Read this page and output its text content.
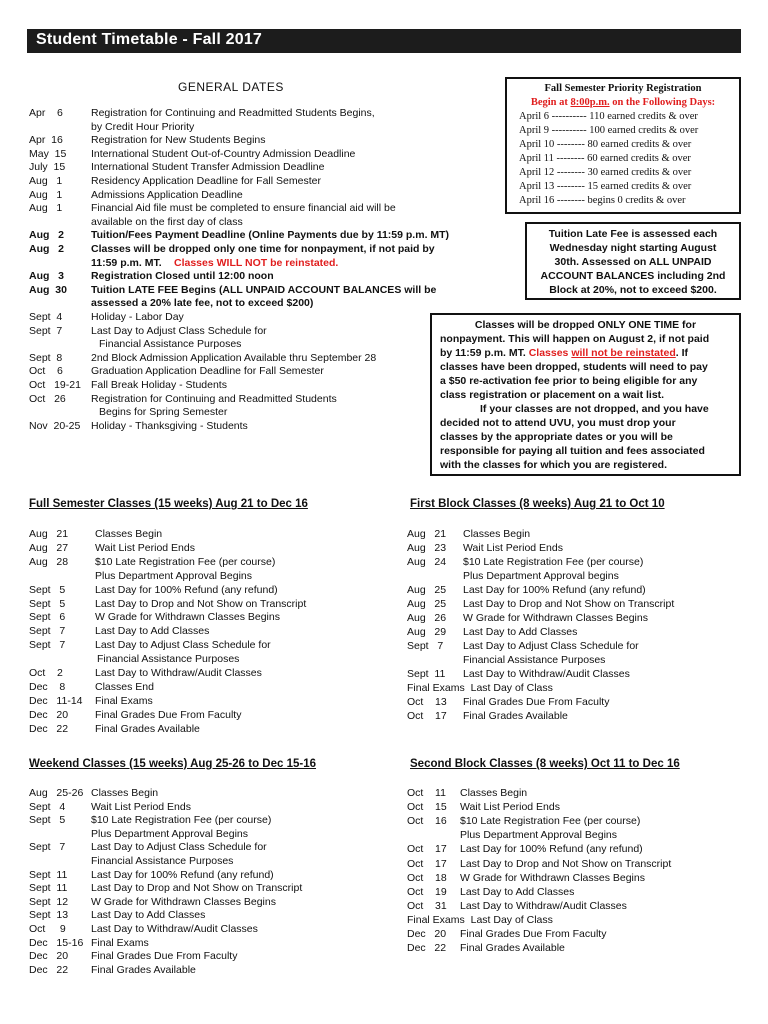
Student Timetable - Fall 2017
GENERAL DATES
Apr    6	Registration for Continuing and Readmitted Students Begins,
by Credit Hour Priority
Apr  16	Registration for New Students Begins
May  15 International Student Out-of-Country Admission Deadline
July  15 International Student Transfer Admission Deadline
Aug   1	Residency Application Deadline for Fall Semester
Aug   1	Admissions Application Deadline
Aug   1	Financial Aid file must be completed to ensure financial aid will be
available on the first day of class
Aug   2	Tuition/Fees Payment Deadline (Online Payments due by 11:59 p.m. MT)
Aug   2	Classes will be dropped only one time for nonpayment, if not paid by
11:59 p.m. MT. Classes WILL NOT be reinstated.
Aug   3	Registration Closed until 12:00 noon
Aug  30 Tuition LATE FEE Begins (ALL UNPAID ACCOUNT BALANCES will be
assessed a 20% late fee, not to exceed $200)
Sept  4	Holiday - Labor Day
Sept  7	Last Day to Adjust Class Schedule for
Financial Assistance Purposes
Sept  8	2nd Block Admission Application Available thru September 28
Oct    6	Graduation Application Deadline for Fall Semester
Oct   19-21 Fall Break Holiday - Students
Oct   26 Registration for Continuing and Readmitted Students
Begins for Spring Semester
Nov  20-25 Holiday - Thanksgiving - Students
Fall Semester Priority Registration
Begin at 8:00p.m. on the Following Days:
April 6 ---------- 110 earned credits & over
April 9 ---------- 100 earned credits & over
April 10 -------- 80 earned credits & over
April 11 -------- 60 earned credits & over
April 12 -------- 30 earned credits & over
April 13 -------- 15 earned credits & over
April 16 -------- begins 0 credits & over
Tuition Late Fee is assessed each
Wednesday night starting August
30th. Assessed on ALL UNPAID
ACCOUNT BALANCES including 2nd
Block at 20%, not to exceed $200.
Classes will be dropped ONLY ONE TIME for
nonpayment. This will happen on August 2, if not paid
by 11:59 p.m. MT. Classes will not be reinstated. If
classes have been dropped, students will need to pay
a $50 re-activation fee prior to being eligible for any
class registration or placement on a wait list.
If your classes are not dropped, and you have
decided not to attend UVU, you must drop your
classes by the appropriate dates or you will be
responsible for paying all tuition and fees associated
with the classes for which you are registered.
Full Semester Classes (15 weeks) Aug 21 to Dec 16
Aug   21	Classes Begin
Aug   27	Wait List Period Ends
Aug   28	$10 Late Registration Fee (per course)
Plus Department Approval Begins
Sept   5	Last Day for 100% Refund (any refund)
Sept   5	Last Day to Drop and Not Show on Transcript
Sept   6	W Grade for Withdrawn Classes Begins
Sept   7	Last Day to Add Classes
Sept   7	Last Day to Adjust Class Schedule for
Financial Assistance Purposes
Oct    2	Last Day to Withdraw/Audit Classes
Dec    8	Classes End
Dec   11-14 Final Exams
Dec   20	Final Grades Due From Faculty
Dec   22	Final Grades Available
First Block Classes (8 weeks) Aug 21 to Oct 10
Aug   21 Classes Begin
Aug   23 Wait List Period Ends
Aug   24 $10 Late Registration Fee (per course)
Plus Department Approval begins
Aug   25 Last Day for 100% Refund (any refund)
Aug   25 Last Day to Drop and Not Show on Transcript
Aug   26 W Grade for Withdrawn Classes Begins
Aug   29 Last Day to Add Classes
Sept   7 Last Day to Adjust Class Schedule for
Financial Assistance Purposes
Sept  11 Last Day to Withdraw/Audit Classes
Final Exams  Last Day of Class
Oct    13 Final Grades Due From Faculty
Oct    17 Final Grades Available
Weekend Classes (15 weeks) Aug 25-26 to Dec 15-16
Aug   25-26 Classes Begin
Sept   4 Wait List Period Ends
Sept   5 $10 Late Registration Fee (per course)
Plus Department Approval Begins
Sept   7 Last Day to Adjust Class Schedule for
Financial Assistance Purposes
Sept  11 Last Day for 100% Refund (any refund)
Sept  11 Last Day to Drop and Not Show on Transcript
Sept  12 W Grade for Withdrawn Classes Begins
Sept  13 Last Day to Add Classes
Oct     9 Last Day to Withdraw/Audit Classes
Dec   15-16 Final Exams
Dec   20 Final Grades Due From Faculty
Dec   22 Final Grades Available
Second Block Classes (8 weeks) Oct 11 to Dec 16
Oct    11 Classes Begin
Oct    15 Wait List Period Ends
Oct    16 $10 Late Registration Fee (per course)
Plus Department Approval Begins
Oct    17 Last Day for 100% Refund (any refund)
Oct    17 Last Day to Drop and Not Show on Transcript
Oct    18 W Grade for Withdrawn Classes Begins
Oct    19 Last Day to Add Classes
Oct    31 Last Day to Withdraw/Audit Classes
Final Exams  Last Day of Class
Dec   20 Final Grades Due From Faculty
Dec   22 Final Grades Available
